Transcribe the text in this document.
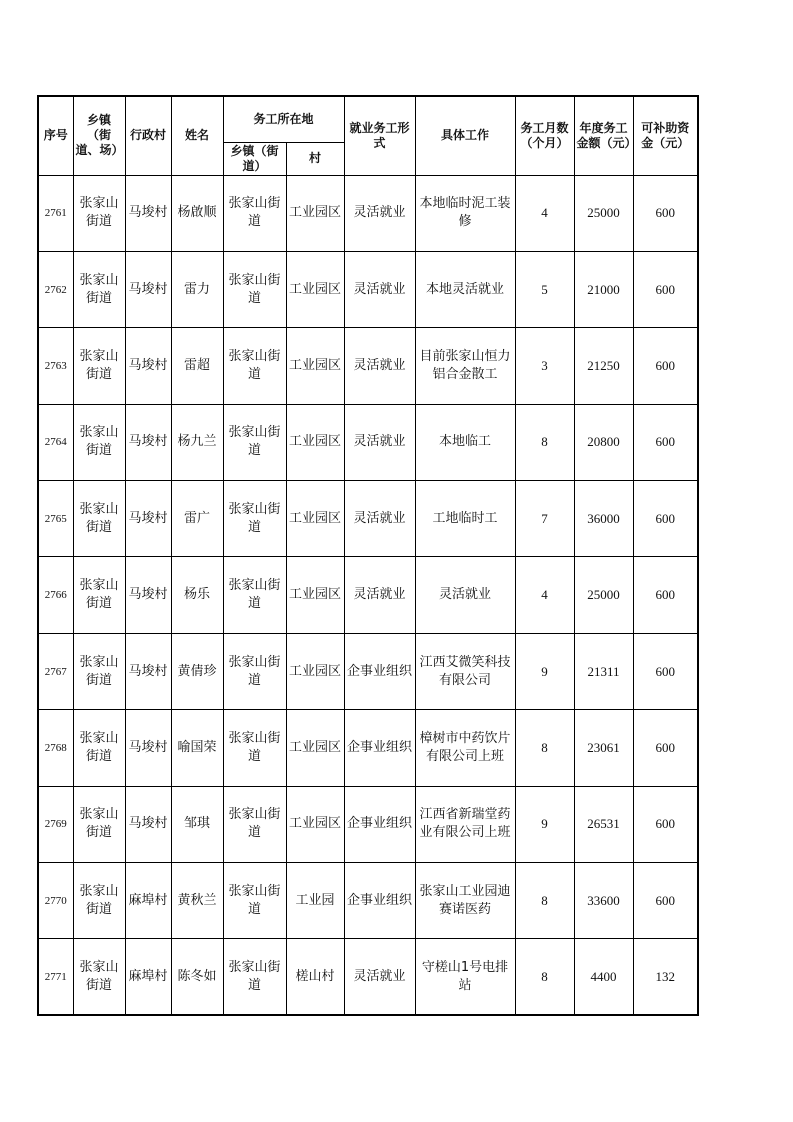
序号	乡镇（街道、场）	行政村	姓名	务工所在地		就业务工形式	具体工作	务工月数（个月）	年度务工金额（元）	可补助资金（元）
				乡镇（街道）	村					
2761	张家山街道	马埈村	杨啟顺	张家山街道	工业园区	灵活就业	本地临时泥工装修	4	25000	600
2762	张家山街道	马埈村	雷力	张家山街道	工业园区	灵活就业	本地灵活就业	5	21000	600
2763	张家山街道	马埈村	雷超	张家山街道	工业园区	灵活就业	目前张家山恒力铝合金散工	3	21250	600
2764	张家山街道	马埈村	杨九兰	张家山街道	工业园区	灵活就业	本地临工	8	20800	600
2765	张家山街道	马埈村	雷广	张家山街道	工业园区	灵活就业	工地临时工	7	36000	600
2766	张家山街道	马埈村	杨乐	张家山街道	工业园区	灵活就业	灵活就业	4	25000	600
2767	张家山街道	马埈村	黄倩珍	张家山街道	工业园区	企事业组织	江西艾微笑科技有限公司	9	21311	600
2768	张家山街道	马埈村	喻国荣	张家山街道	工业园区	企事业组织	樟树市中药饮片有限公司上班	8	23061	600
2769	张家山街道	马埈村	邹琪	张家山街道	工业园区	企事业组织	江西省新瑞堂药业有限公司上班	9	26531	600
2770	张家山街道	麻埠村	黄秋兰	张家山街道	工业园	企事业组织	张家山工业园迪赛诺医药	8	33600	600
2771	张家山街道	麻埠村	陈冬如	张家山街道	槎山村	灵活就业	守槎山1号电排站	8	4400	132
